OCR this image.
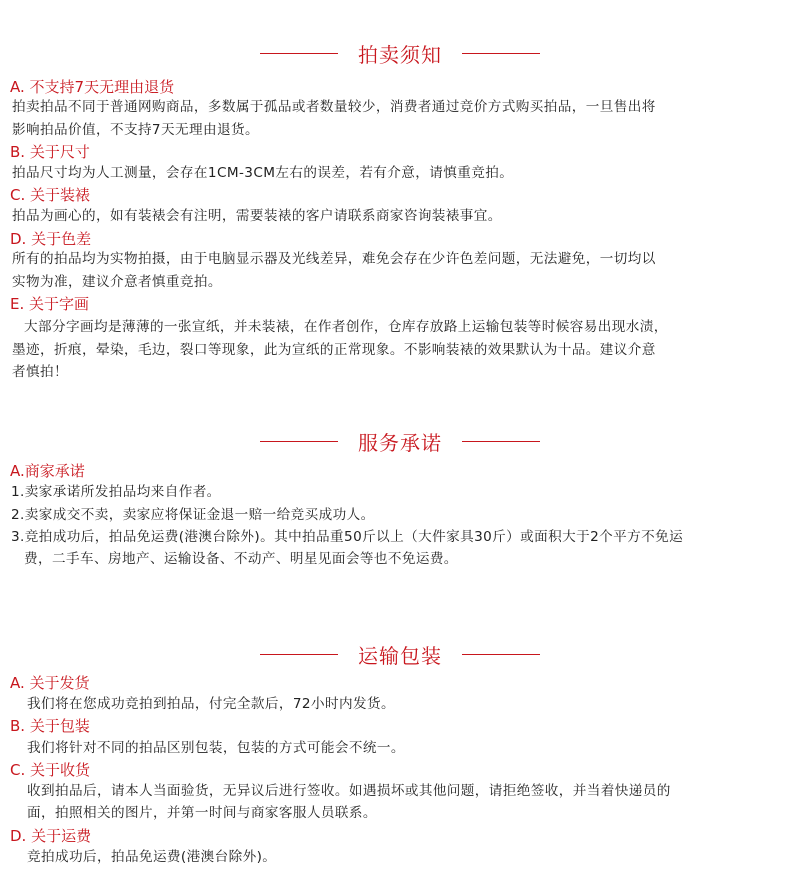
拍卖须知
A. 不支持7天无理由退货
拍卖拍品不同于普通网购商品，多数属于孤品或者数量较少，消费者通过竞价方式购买拍品，一旦售出将
影响拍品价值，不支持7天无理由退货。
B. 关于尺寸
拍品尺寸均为人工测量，会存在1CM-3CM左右的误差，若有介意，请慎重竞拍。
C. 关于装裱
拍品为画心的，如有装裱会有注明，需要装裱的客户请联系商家咨询装裱事宜。
D. 关于色差
所有的拍品均为实物拍摄，由于电脑显示器及光线差异，难免会存在少许色差问题，无法避免，一切均以
实物为准，建议介意者慎重竞拍。
E. 关于字画
大部分字画均是薄薄的一张宣纸，并未装裱，在作者创作，仓库存放路上运输包装等时候容易出现水渍，
墨迹，折痕，晕染，毛边，裂口等现象，此为宣纸的正常现象。不影响装裱的效果默认为十品。建议介意
者慎拍！
服务承诺
A.商家承诺
1.卖家承诺所发拍品均来自作者。
2.卖家成交不卖，卖家应将保证金退一赔一给竞买成功人。
3.竞拍成功后，拍品免运费(港澳台除外)。其中拍品重50斤以上（大件家具30斤）或面积大于2个平方不免运
费，二手车、房地产、运输设备、不动产、明星见面会等也不免运费。
运输包装
A. 关于发货
我们将在您成功竞拍到拍品，付完全款后，72小时内发货。
B. 关于包装
我们将针对不同的拍品区别包装，包装的方式可能会不统一。
C. 关于收货
收到拍品后，请本人当面验货，无异议后进行签收。如遇损坏或其他问题，请拒绝签收，并当着快递员的
面，拍照相关的图片，并第一时间与商家客服人员联系。
D. 关于运费
竞拍成功后，拍品免运费(港澳台除外)。
